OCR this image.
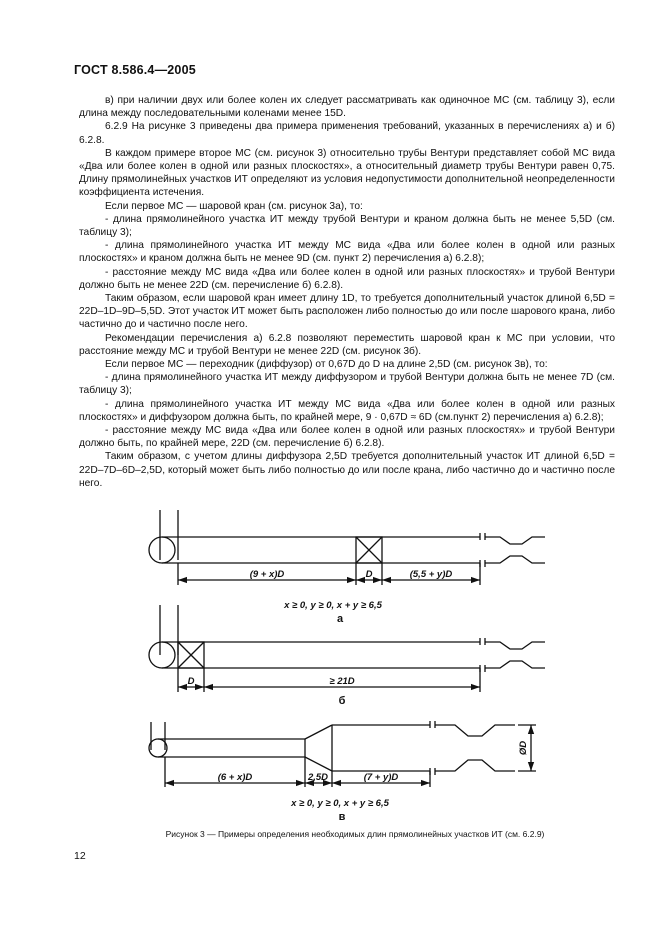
ГОСТ 8.586.4—2005

в) при наличии двух или более колен их следует рассматривать как одиночное МС (см. таблицу 3), если длина между последовательными коленами менее 15D.

6.2.9 На рисунке 3 приведены два примера применения требований, указанных в перечислениях а) и б) 6.2.8.

В каждом примере второе МС (см. рисунок 3) относительно трубы Вентури представляет собой МС вида «Два или более колен в одной или разных плоскостях», а относительный диаметр трубы Вентури равен 0,75. Длину прямолинейных участков ИТ определяют из условия недопустимости дополнительной неопределенности коэффициента истечения.

Если первое МС — шаровой кран (см. рисунок 3а), то:

- длина прямолинейного участка ИТ между трубой Вентури и краном должна быть не менее 5,5D (см. таблицу 3);

- длина прямолинейного участка ИТ между МС вида «Два или более колен в одной или разных плоскостях» и краном должна быть не менее 9D (см. пункт 2) перечисления а) 6.2.8);

- расстояние между МС вида «Два или более колен в одной или разных плоскостях» и трубой Вентури должно быть не менее 22D (см. перечисление б) 6.2.8).

Таким образом, если шаровой кран имеет длину 1D, то требуется дополнительный участок длиной 6,5D = 22D–1D–9D–5,5D. Этот участок ИТ может быть расположен либо полностью до или после шарового крана, либо частично до и частично после него.

Рекомендации перечисления а) 6.2.8 позволяют переместить шаровой кран к МС при условии, что расстояние между МС и трубой Вентури не менее 22D (см. рисунок 3б).

Если первое МС — переходник (диффузор) от 0,67D до D на длине 2,5D (см. рисунок 3в), то:

- длина прямолинейного участка ИТ между диффузором и трубой Вентури должна быть не менее 7D (см. таблицу 3);

- длина прямолинейного участка ИТ между МС вида «Два или более колен в одной или разных плоскостях» и диффузором должна быть, по крайней мере, 9 · 0,67D ≈ 6D (см.пункт 2) перечисления а) 6.2.8);

- расстояние между МС вида «Два или более колен в одной или разных плоскостях» и трубой Вентури должно быть, по крайней мере, 22D (см. перечисление б) 6.2.8).

Таким образом, с учетом длины диффузора 2,5D требуется дополнительный участок ИТ длиной 6,5D = 22D–7D–6D–2,5D, который может быть либо полностью до или после крана, либо частично до и частично после него.

(9 + x)D	D	(5,5 + y)D
x ≥ 0, y ≥ 0, x + y ≥ 6,5
а
D	≥ 21D
б
(6 + x)D	2,5D	(7 + y)D
ØD
x ≥ 0, y ≥ 0, x + y ≥ 6,5
в
Рисунок 3 — Примеры определения необходимых длин прямолинейных участков ИТ (см. 6.2.9)
12
